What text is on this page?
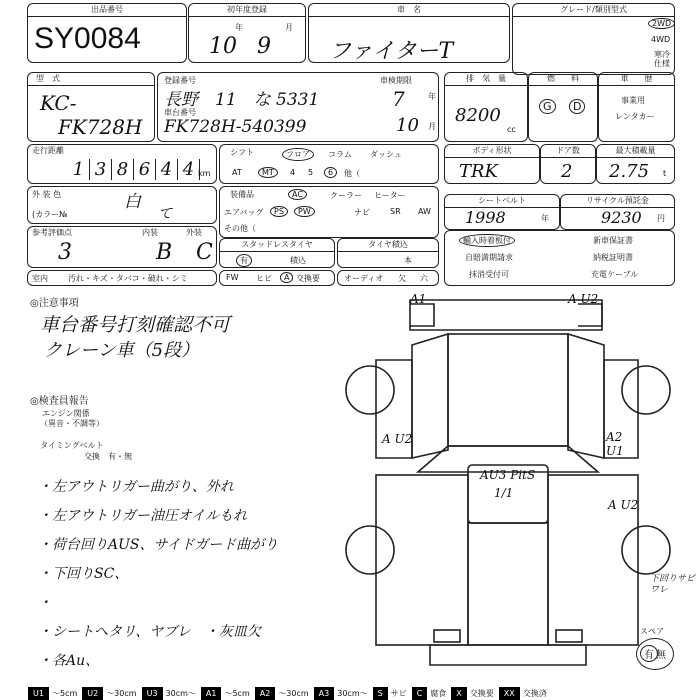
出品番号
SY0084
初年度登録
年	月
10 9
車　名
ファイターT
グレード/類別型式
2WD
4WD
寒冷
仕様
型　式
KC-
FK728H
登録番号
長野　11　な 5331
車台番号
FK728H-540399
車検期限
7	年
10 月
排　気　量
8200
cc
燃　　料
G	D
車　　歴
事業用
レンタカー
走行距離
1 3 8 6 4 4 km
シフト	フロア	コラム ダッシュ
AT	MT	4 5	6	他（
ボディ形状
TRK
ドア数
2
最大積載量
2.75 t
外 装 色	白
(カラー№	て
装備品	AC	クーラー ヒーター
エアバッグ	PS	PW	ナビ	SR AW
その他（
シートベルト
1998	年
リサイクル預託金
9230 円
参考評価点	内装	外装
3	B C	スタッドレスタイヤ
有	積込
タイヤ積込
本
輸入時着板付	新車保証書
自賠満期請求	納税証明書
抹消受付可	充電ケーブル
室内	汚れ・キズ・タバコ・破れ・シミ	FW ヒビ	A 交換要	オーディオ 欠 六
◎注意事項
車台番号打刻確認不可
クレーン車（5段）
◎検査員報告
エンジン関係
（異音・不調等）
タイミングベルト
交換　有・無
・左アウトリガー曲がり、外れ
・左アウトリガー油圧オイルもれ
・荷台回りAUS、サイドガード曲がり
・下回りSC、
・
・シートへタリ、ヤブレ　・灰皿欠
・各Au、
A1	A U2
A U2	A2
U1
AU3 PitS
1/1
A U2
下回りサビ
ワレ
スペア
有 無
U1	～5cm	U2	～30cm	U3	30cm～	A1	～5cm	A2	～30cm	A3	30cm～	S	サビ	C	腐食	X	交換要	XX	交換済
